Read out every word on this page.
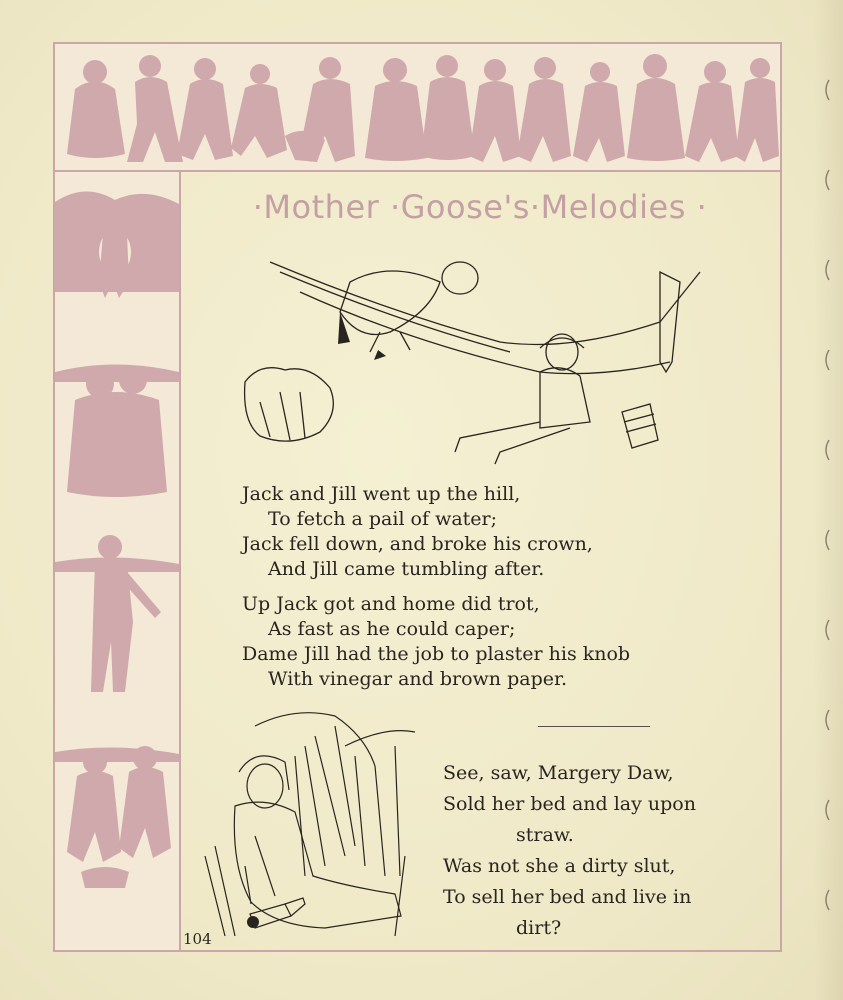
·Mother ·Goose's·Melodies ·
Jack and Jill went up the hill,
To fetch a pail of water;
Jack fell down, and broke his crown,
And Jill came tumbling after.
Up Jack got and home did trot,
As fast as he could caper;
Dame Jill had the job to plaster his knob
With vinegar and brown paper.
See, saw, Margery Daw,
Sold her bed and lay upon
straw.
Was not she a dirty slut,
To sell her bed and live in
dirt?
104
